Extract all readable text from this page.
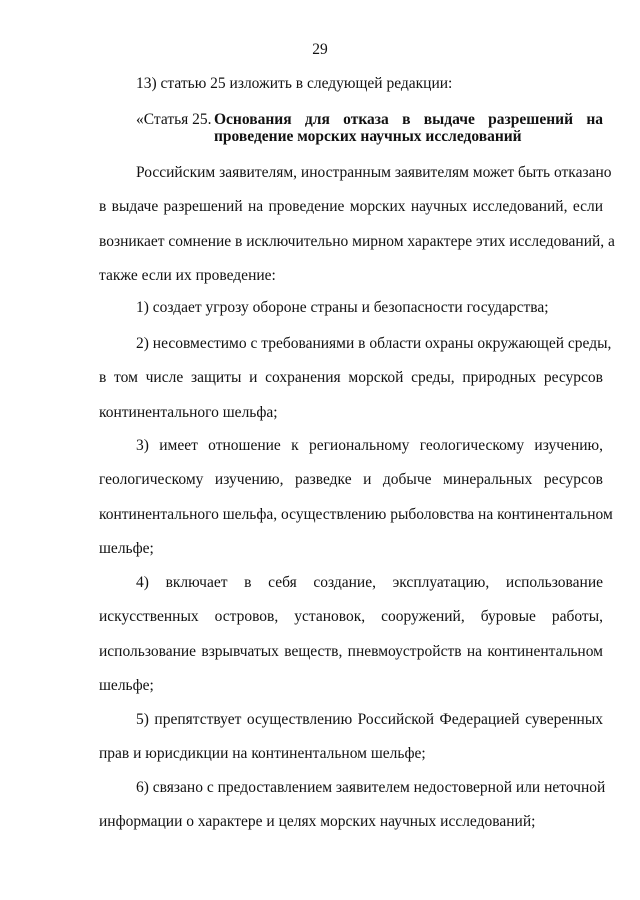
29
13) статью 25 изложить в следующей редакции:
«Статья 25. Основания для отказа в выдаче разрешений на
проведение морских научных исследований
Российским заявителям, иностранным заявителям может быть отказано
в выдаче разрешений на проведение морских научных исследований, если
возникает сомнение в исключительно мирном характере этих исследований, а
также если их проведение:
1) создает угрозу обороне страны и безопасности государства;
2) несовместимо с требованиями в области охраны окружающей среды,
в том числе защиты и сохранения морской среды, природных ресурсов
континентального шельфа;
3) имеет отношение к региональному геологическому изучению,
геологическому изучению, разведке и добыче минеральных ресурсов
континентального шельфа, осуществлению рыболовства на континентальном
шельфе;
4) включает в себя создание, эксплуатацию, использование
искусственных островов, установок, сооружений, буровые работы,
использование взрывчатых веществ, пневмоустройств на континентальном
шельфе;
5) препятствует осуществлению Российской Федерацией суверенных
прав и юрисдикции на континентальном шельфе;
6) связано с предоставлением заявителем недостоверной или неточной
информации о характере и целях морских научных исследований;
